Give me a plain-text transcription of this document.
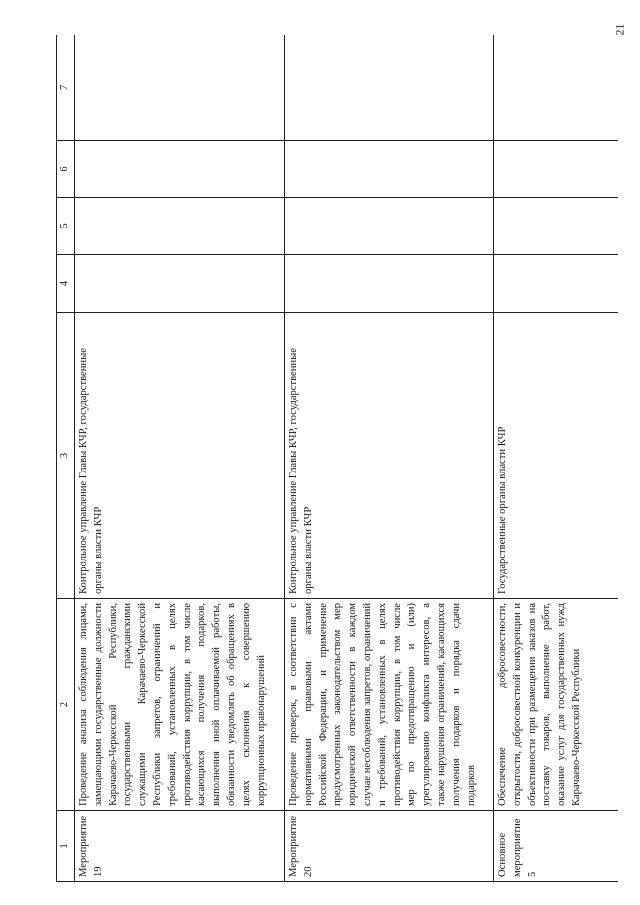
21
1	2	3	4	5	6	7
Мероприятие 19	Проведение анализа соблюдения лицами, замещающими государственные должности Карачаево-Черкесской Республики, государственными гражданскими служащими Карачаево-Черкесской Республики запретов, ограничений и требований, установленных в целях противодействия коррупции, в том числе касающихся получения подарков, выполнения иной оплачиваемой работы, обязанности уведомлять об обращениях в целях склонения к совершению коррупционных правонарушений	Контрольное управление Главы КЧР, государственные органы власти КЧР				
Мероприятие 20	Проведение проверок, в соответствии с нормативными правовыми актами Российской Федерации, и применение предусмотренных законодательством мер юридической ответственности в каждом случае несоблюдения запретов, ограничений и требований, установленных в целях противодействия коррупции, в том числе мер по предотвращению и (или) урегулированию конфликта интересов, а также нарушения ограничений, касающихся получения подарков и порядка сдачи подарков	Контрольное управление Главы КЧР, государственные органы власти КЧР				
Основное мероприятие 5	Обеспечение добросовестности, открытости, добросовестной конкуренции и объективности при размещении заказов на поставку товаров, выполнение работ, оказание услуг для государственных нужд Карачаево-Черкесской Республики	Государственные органы власти КЧР				
